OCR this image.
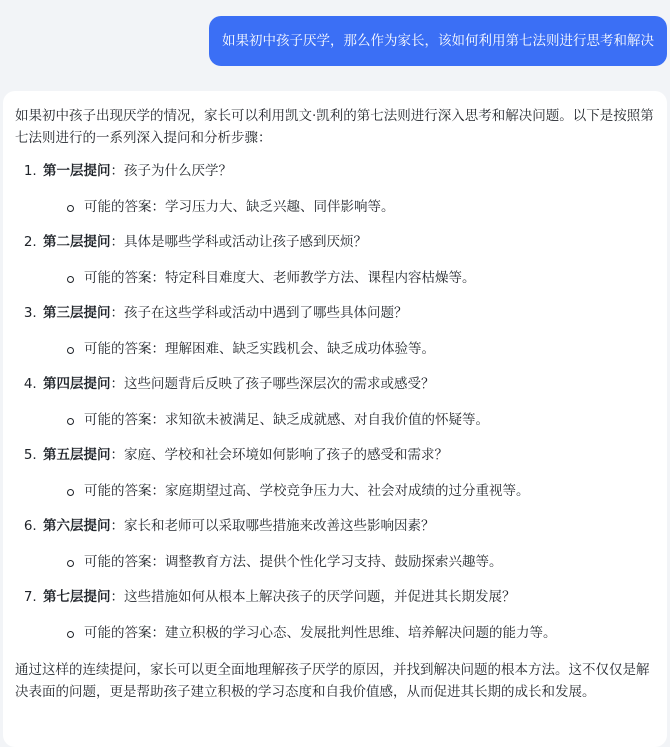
如果初中孩子厌学，那么作为家长，该如何利用第七法则进行思考和解决

如果初中孩子出现厌学的情况，家长可以利用凯文·凯利的第七法则进行深入思考和解决问题。以下是按照第七法则进行的一系列深入提问和分析步骤：

1. 第一层提问：孩子为什么厌学？
可能的答案：学习压力大、缺乏兴趣、同伴影响等。
2. 第二层提问：具体是哪些学科或活动让孩子感到厌烦？
可能的答案：特定科目难度大、老师教学方法、课程内容枯燥等。
3. 第三层提问：孩子在这些学科或活动中遇到了哪些具体问题？
可能的答案：理解困难、缺乏实践机会、缺乏成功体验等。
4. 第四层提问：这些问题背后反映了孩子哪些深层次的需求或感受？
可能的答案：求知欲未被满足、缺乏成就感、对自我价值的怀疑等。
5. 第五层提问：家庭、学校和社会环境如何影响了孩子的感受和需求？
可能的答案：家庭期望过高、学校竞争压力大、社会对成绩的过分重视等。
6. 第六层提问：家长和老师可以采取哪些措施来改善这些影响因素？
可能的答案：调整教育方法、提供个性化学习支持、鼓励探索兴趣等。
7. 第七层提问：这些措施如何从根本上解决孩子的厌学问题，并促进其长期发展？
可能的答案：建立积极的学习心态、发展批判性思维、培养解决问题的能力等。

通过这样的连续提问，家长可以更全面地理解孩子厌学的原因，并找到解决问题的根本方法。这不仅仅是解决表面的问题，更是帮助孩子建立积极的学习态度和自我价值感，从而促进其长期的成长和发展。
